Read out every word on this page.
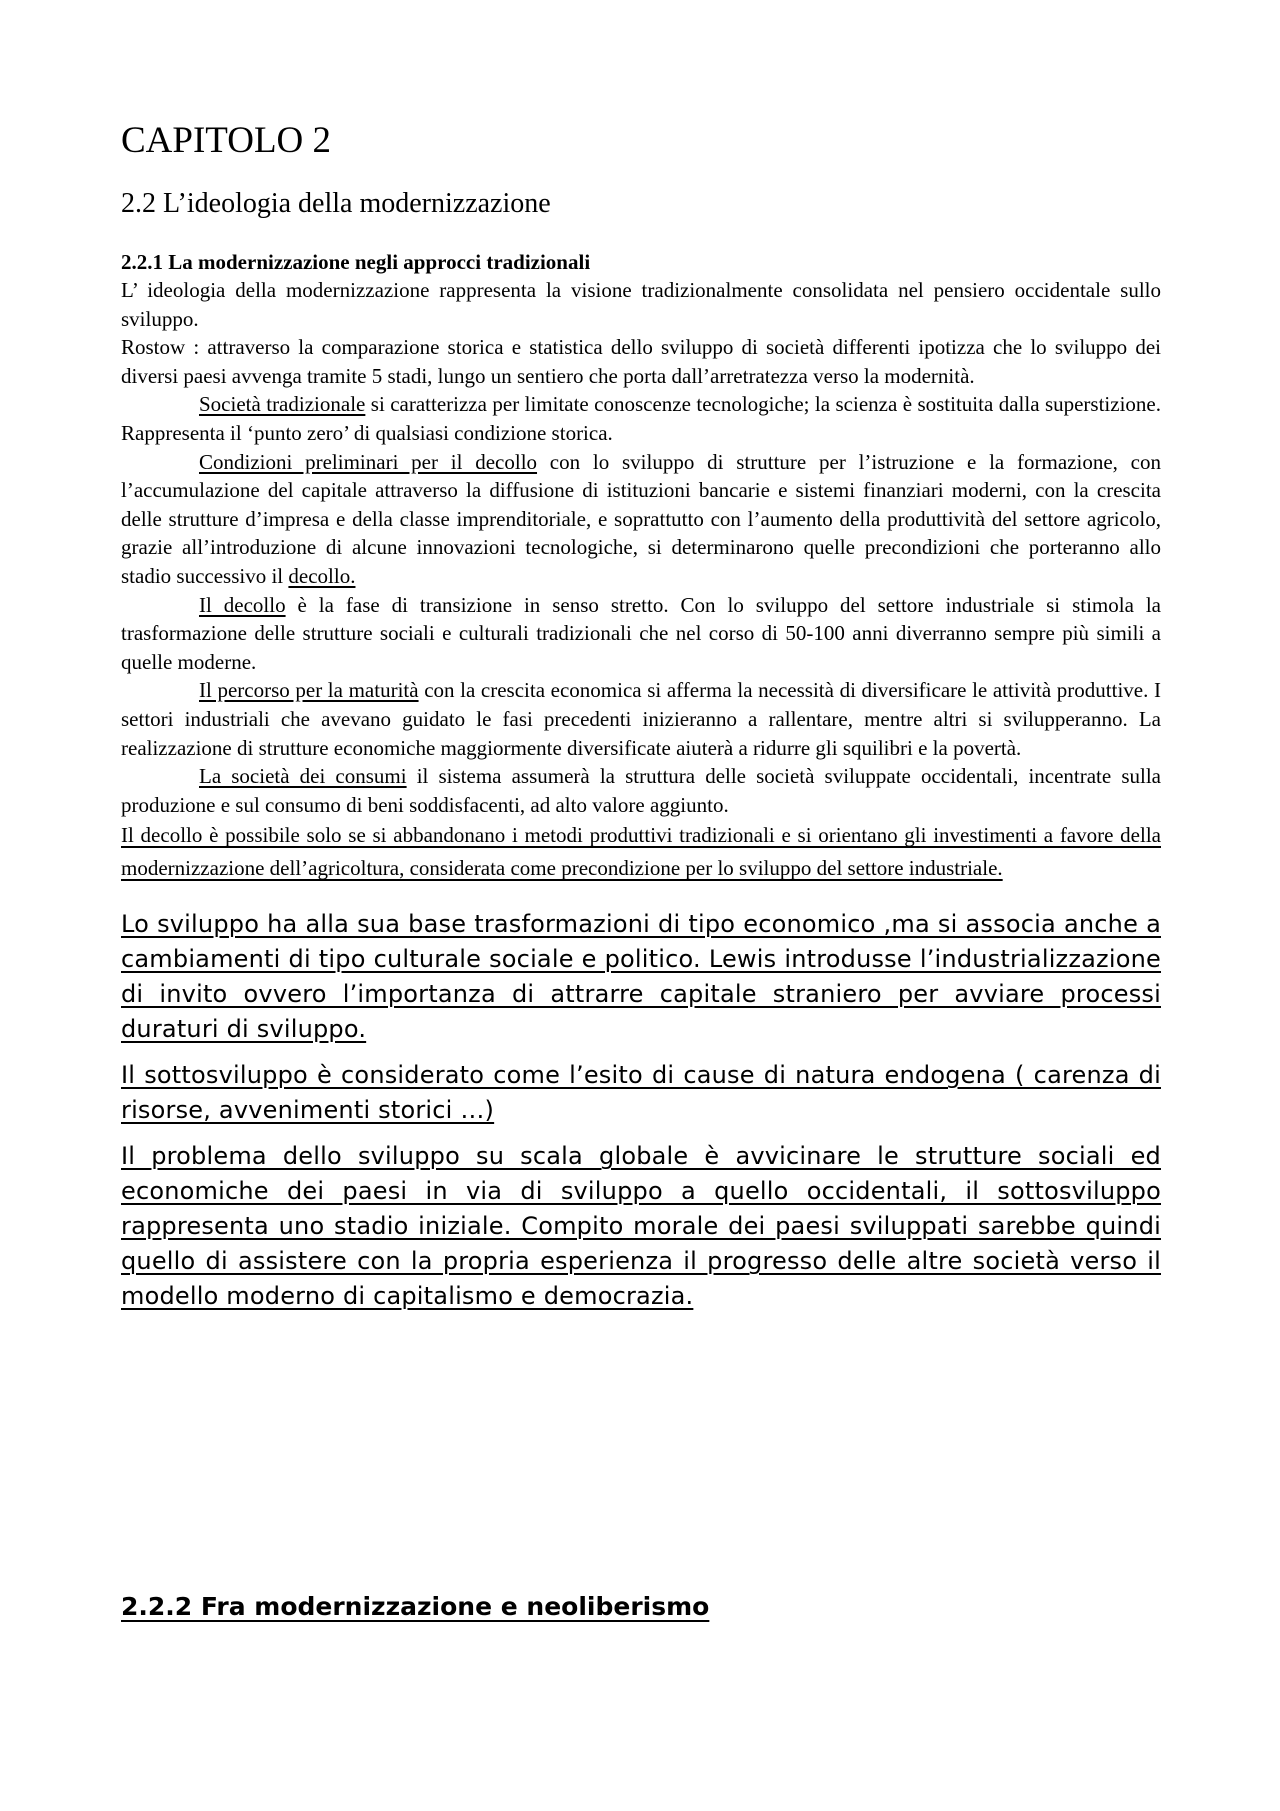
CAPITOLO 2
2.2 L’ideologia della modernizzazione
2.2.1 La modernizzazione negli approcci tradizionali

L’ ideologia della modernizzazione rappresenta la visione tradizionalmente consolidata nel pensiero occidentale sullo sviluppo.

Rostow : attraverso la comparazione storica e statistica dello sviluppo di società differenti ipotizza che lo sviluppo dei diversi paesi avvenga tramite 5 stadi, lungo un sentiero che porta dall’arretratezza verso la modernità.

Società tradizionale si caratterizza per limitate conoscenze tecnologiche; la scienza è sostituita dalla superstizione. Rappresenta il ‘punto zero’ di qualsiasi condizione storica.

Condizioni preliminari per il decollo con lo sviluppo di strutture per l’istruzione e la formazione, con l’accumulazione del capitale attraverso la diffusione di istituzioni bancarie e sistemi finanziari moderni, con la crescita delle strutture d’impresa e della classe imprenditoriale, e soprattutto con l’aumento della produttività del settore agricolo, grazie all’introduzione di alcune innovazioni tecnologiche, si determinarono quelle precondizioni che porteranno allo stadio successivo il decollo.

Il decollo è la fase di transizione in senso stretto. Con lo sviluppo del settore industriale si stimola la trasformazione delle strutture sociali e culturali tradizionali che nel corso di 50-100 anni diverranno sempre più simili a quelle moderne.

Il percorso per la maturità con la crescita economica si afferma la necessità di diversificare le attività produttive. I settori industriali che avevano guidato le fasi precedenti inizieranno a rallentare, mentre altri si svilupperanno. La realizzazione di strutture economiche maggiormente diversificate aiuterà a ridurre gli squilibri e la povertà.

La società dei consumi il sistema assumerà la struttura delle società sviluppate occidentali, incentrate sulla produzione e sul consumo di beni soddisfacenti, ad alto valore aggiunto.

Il decollo è possibile solo se si abbandonano i metodi produttivi tradizionali e si orientano gli investimenti a favore della modernizzazione dell’agricoltura, considerata come precondizione per lo sviluppo del settore industriale.

Lo sviluppo ha alla sua base trasformazioni di tipo economico ,ma si associa anche a cambiamenti di tipo culturale sociale e politico. Lewis introdusse l’industrializzazione di invito ovvero l’importanza di attrarre capitale straniero per avviare processi duraturi di sviluppo.

Il sottosviluppo è considerato come l’esito di cause di natura endogena ( carenza di risorse, avvenimenti storici …)

Il problema dello sviluppo su scala globale è avvicinare le strutture sociali ed economiche dei paesi in via di sviluppo a quello occidentali, il sottosviluppo rappresenta uno stadio iniziale. Compito morale dei paesi sviluppati sarebbe quindi quello di assistere con la propria esperienza il progresso delle altre società verso il modello moderno di capitalismo e democrazia.

2.2.2 Fra modernizzazione e neoliberismo
